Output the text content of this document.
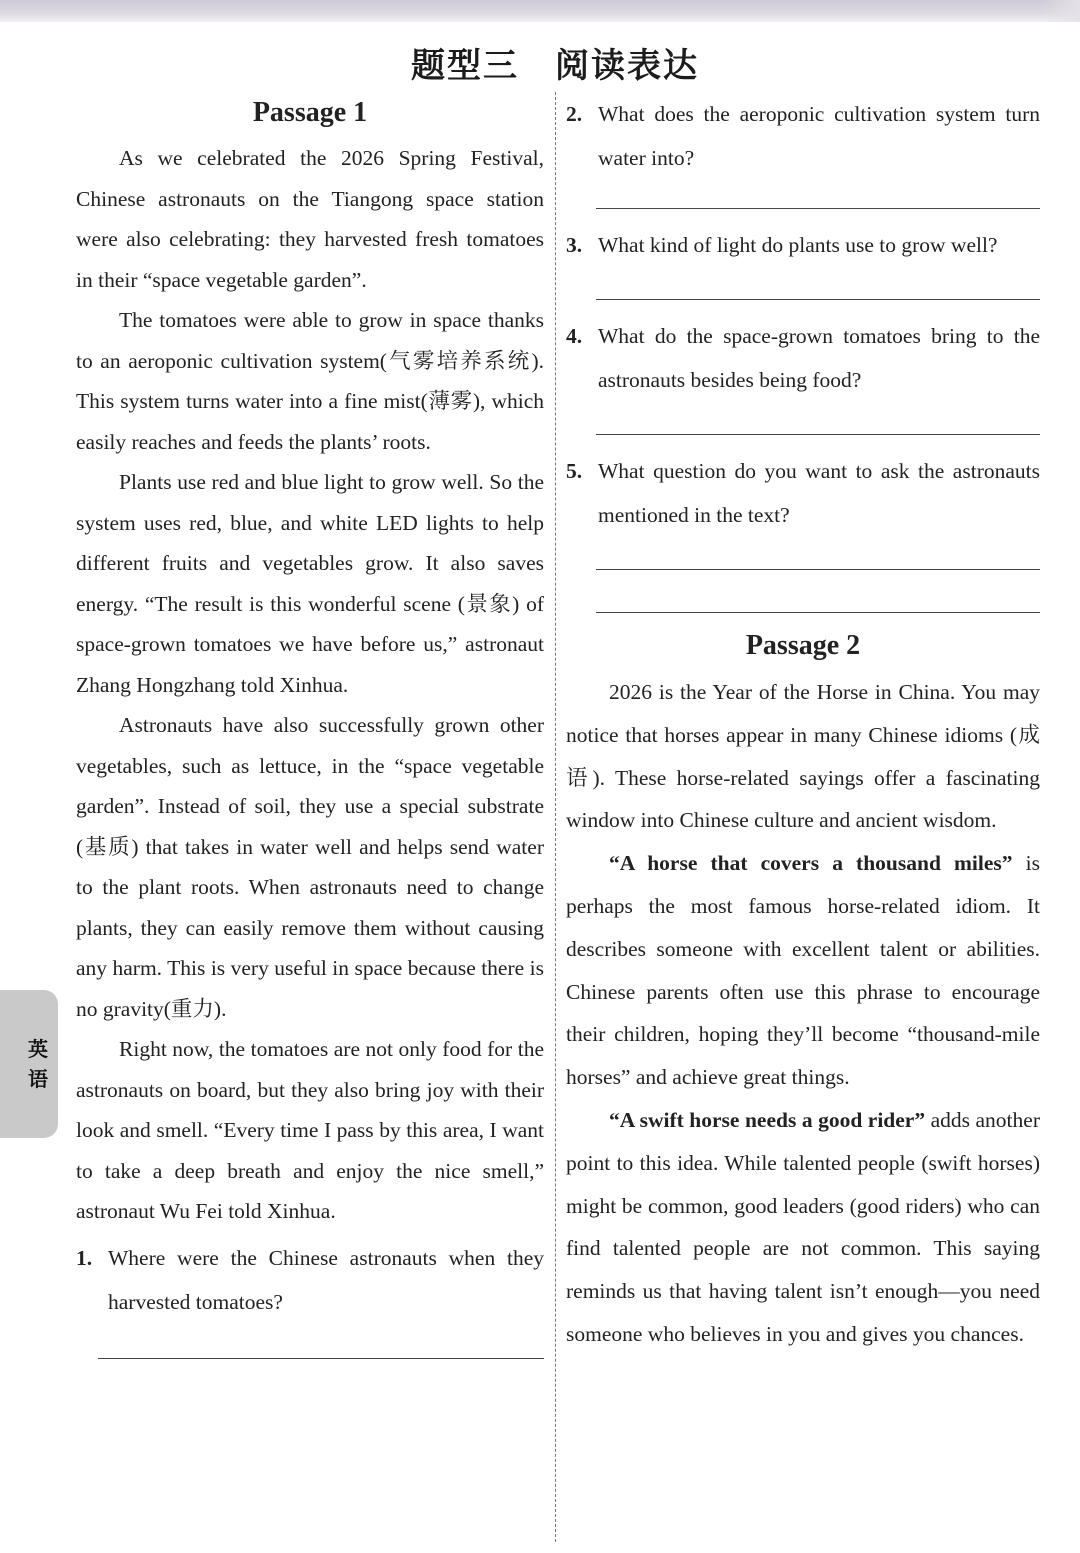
题型三 阅读表达
Passage 1

As we celebrated the 2026 Spring Festival, Chinese astronauts on the Tiangong space station were also celebrating: they harvested fresh tomatoes in their “space vegetable garden”.

The tomatoes were able to grow in space thanks to an aeroponic cultivation system(气雾培养系统). This system turns water into a fine mist(薄雾), which easily reaches and feeds the plants’ roots.

Plants use red and blue light to grow well. So the system uses red, blue, and white LED lights to help different fruits and vegetables grow. It also saves energy. “The result is this wonderful scene (景象) of space-grown tomatoes we have before us,” astronaut Zhang Hongzhang told Xinhua.

Astronauts have also successfully grown other vegetables, such as lettuce, in the “space vegetable garden”. Instead of soil, they use a special substrate (基质) that takes in water well and helps send water to the plant roots. When astronauts need to change plants, they can easily remove them without causing any harm. This is very useful in space because there is no gravity(重力).

Right now, the tomatoes are not only food for the astronauts on board, but they also bring joy with their look and smell. “Every time I pass by this area, I want to take a deep breath and enjoy the nice smell,” astronaut Wu Fei told Xinhua.

1. Where were the Chinese astronauts when they harvested tomatoes?
2. What does the aeroponic cultivation system turn water into?
3. What kind of light do plants use to grow well?
4. What do the space-grown tomatoes bring to the astronauts besides being food?
5. What question do you want to ask the astronauts mentioned in the text?
Passage 2

2026 is the Year of the Horse in China. You may notice that horses appear in many Chinese idioms (成语). These horse-related sayings offer a fascinating window into Chinese culture and ancient wisdom.

“A horse that covers a thousand miles” is perhaps the most famous horse-related idiom. It describes someone with excellent talent or abilities. Chinese parents often use this phrase to encourage their children, hoping they’ll become “thousand-mile horses” and achieve great things.

“A swift horse needs a good rider” adds another point to this idea. While talented people (swift horses) might be common, good leaders (good riders) who can find talented people are not common. This saying reminds us that having talent isn’t enough—you need someone who believes in you and gives you chances.

英
语
